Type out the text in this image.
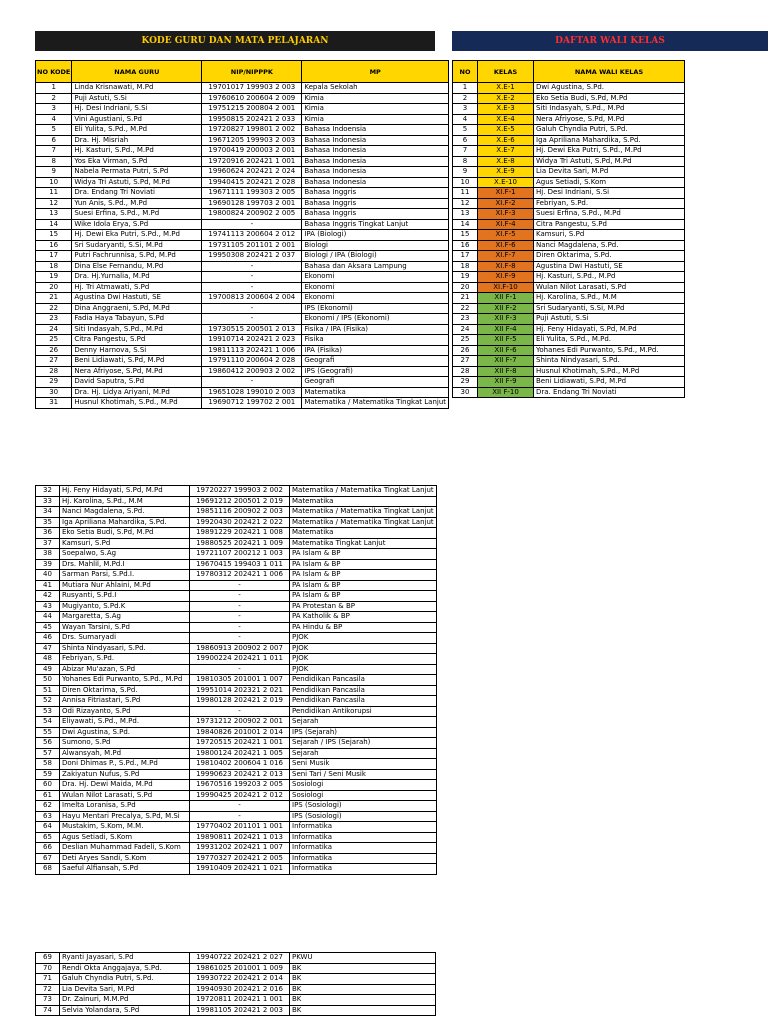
KODE GURU DAN MATA PELAJARAN	DAFTAR WALI KELAS
NO KODE	NAMA GURU	NIP/NIPPPK	MP
1	Linda Krisnawati, M.Pd	19701017 199903 2 003	Kepala Sekolah
2	Puji Astuti, S.Si	19760610 200604 2 009	Kimia
3	Hj. Desi Indriani, S.Si	19751215 200804 2 001	Kimia
4	Vini Agustiani, S.Pd	19950815 202421 2 033	Kimia
5	Eli Yulita, S.Pd., M.Pd	19720827 199801 2 002	Bahasa Indoensia
6	Dra. Hj. Misriah	19671205 199903 2 003	Bahasa Indonesia
7	Hj. Kasturi, S.Pd., M.Pd	19700419 200003 2 001	Bahasa Indonesia
8	Yos Eka Virman, S.Pd	19720916 202421 1 001	Bahasa Indonesia
9	Nabela Permata Putri, S.Pd	19960624 202421 2 024	Bahasa Indonesia
10	Widya Tri Astuti, S.Pd, M.Pd	19940415 202421 2 028	Bahasa Indonesia
11	Dra. Endang Tri Noviati	19671111 199303 2 005	Bahasa Inggris
12	Yun Anis, S.Pd., M.Pd	19690128 199703 2 001	Bahasa Inggris
13	Suesi Erfina, S.Pd., M.Pd	19800824 200902 2 005	Bahasa Inggris
14	Wike Idola Erya, S.Pd	-	Bahasa Inggris Tingkat Lanjut
15	Hj. Dewi Eka Putri, S.Pd., M.Pd	19741113 200604 2 012	IPA (Biologi)
16	Sri Sudaryanti, S.Si, M.Pd	19731105 201101 2 001	Biologi
17	Putri Fachrunnisa, S.Pd, M.Pd	19950308 202421 2 037	Biologi / IPA (Biologi)
18	Dina Else Fernandu, M.Pd	-	Bahasa dan Aksara Lampung
19	Dra. Hj.Yurnalia, M.Pd	-	Ekonomi
20	Hj. Tri Atmawati, S.Pd	-	Ekonomi
21	Agustina Dwi Hastuti, SE	19700813 200604 2 004	Ekonomi
22	Dina Anggraeni, S.Pd, M.Pd	-	IPS (Ekonomi)
23	Fadia Haya Tabayun, S.Pd	-	Ekonomi / IPS (Ekonomi)
24	Siti Indasyah, S.Pd., M.Pd	19730515 200501 2 013	Fisika / IPA (Fisika)
25	Citra Pangestu, S.Pd	19910714 202421 2 023	Fisika
26	Denny Harnova, S.Si	19811113 202421 1 006	IPA (Fisika)
27	Beni Lidiawati, S.Pd, M.Pd	19791110 200604 2 028	Geografi
28	Nera Afriyose, S.Pd, M.Pd	19860412 200903 2 002	IPS (Geografi)
29	David Saputra, S.Pd	-	Geografi
30	Dra. Hj. Lidya Ariyani, M.Pd	19651028 199010 2 003	Matematika
31	Husnul Khotimah, S.Pd., M.Pd	19690712 199702 2 001	Matematika / Matematika Tingkat Lanjut
32	Hj. Feny Hidayati, S.Pd, M.Pd	19720227 199903 2 002	Matematika / Matematika Tingkat Lanjut
33	Hj. Karolina, S.Pd., M.M	19691212 200501 2 019	Matematika
34	Nanci Magdalena, S.Pd.	19851116 200902 2 003	Matematika / Matematika Tingkat Lanjut
35	Iga Apriliana Mahardika, S.Pd.	19920430 202421 2 022	Matematika / Matematika Tingkat Lanjut
36	Eko Setia Budi, S.Pd, M.Pd	19891229 202421 1 008	Matematika
37	Kamsuri, S.Pd	19880525 202421 1 009	Matematika Tingkat Lanjut
38	Soepalwo, S.Ag	19721107 200212 1 003	PA Islam & BP
39	Drs. Mahlil, M.Pd.I	19670415 199403 1 011	PA Islam & BP
40	Sarman Parsi, S.Pd.I.	19780312 202421 1 006	PA Islam & BP
41	Mutiara Nur Ahlaini, M.Pd	-	PA Islam & BP
42	Rusyanti, S.Pd.I	-	PA Islam & BP
43	Mugiyanto, S.Pd.K	-	PA Protestan & BP
44	Margaretta, S.Ag	-	PA Katholik & BP
45	Wayan Tarsini, S.Pd	-	PA Hindu & BP
46	Drs. Sumaryadi	-	PJOK
47	Shinta Nindyasari, S.Pd.	19860913 200902 2 007	PJOK
48	Febriyan, S.Pd.	19900224 202421 1 011	PJOK
49	Abizar Mu'azan, S.Pd	-	PJOK
50	Yohanes Edi Purwanto, S.Pd., M.Pd	19810305 201001 1 007	Pendidikan Pancasila
51	Diren Oktarima, S.Pd.	19951014 202321 2 021	Pendidikan Pancasila
52	Annisa Fitriastari, S.Pd	19980128 202421 2 019	Pendidikan Pancasila
53	Odi Rizayanto, S.Pd	-	Pendidikan Antikorupsi
54	Eliyawati, S.Pd., M.Pd.	19731212 200902 2 001	Sejarah
55	Dwi Agustina, S.Pd.	19840826 201001 2 014	IPS (Sejarah)
56	Sumono, S.Pd	19720515 202421 1 001	Sejarah / IPS (Sejarah)
57	Alwansyah, M.Pd	19800124 202421 1 005	Sejarah
58	Doni Dhimas P., S.Pd., M.Pd	19810402 200604 1 016	Seni Musik
59	Zakiyatun Nufus, S.Pd	19990623 202421 2 013	Seni Tari / Seni Musik
60	Dra. Hj. Dewi Maida, M.Pd	19670516 199203 2 005	Sosiologi
61	Wulan Nilot Larasati, S.Pd	19990425 202421 2 012	Sosiologi
62	Imelta Loranisa, S.Pd	-	IPS (Sosiologi)
63	Hayu Mentari Precalya, S.Pd, M.Si	-	IPS (Sosiologi)
64	Mustakim, S.Kom, M.M.	19770402 201101 1 001	Informatika
65	Agus Setiadi, S.Kom	19890811 202421 1 013	Informatika
66	Deslian Muhammad Fadeli, S.Kom	19931202 202421 1 007	Informatika
67	Deti Aryes Sandi, S.Kom	19770327 202421 2 005	Informatika
68	Saeful Alfiansah, S.Pd	19910409 202421 1 021	Informatika
69	Ryanti Jayasari, S.Pd	19940722 202421 2 027	PKWU
70	Rendi Okta Anggajaya, S.Pd.	19861025 201001 1 009	BK
71	Galuh Chyndia Putri, S.Pd.	19930722 202421 2 014	BK
72	Lia Devita Sari, M.Pd	19940930 202421 2 016	BK
73	Dr. Zainuri, M.M.Pd	19720811 202421 1 001	BK
74	Selvia Yolandara, S.Pd	19981105 202421 2 003	BK
NO	KELAS	NAMA WALI KELAS
1	X.E-1	Dwi Agustina, S.Pd.
2	X.E-2	Eko Setia Budi, S.Pd, M.Pd
3	X.E-3	Siti Indasyah, S.Pd., M.Pd
4	X.E-4	Nera Afriyose, S.Pd, M.Pd
5	X.E-5	Galuh Chyndia Putri, S.Pd.
6	X.E-6	Iga Apriliana Mahardika, S.Pd.
7	X.E-7	Hj. Dewi Eka Putri, S.Pd., M.Pd
8	X.E-8	Widya Tri Astuti, S.Pd, M.Pd
9	X.E-9	Lia Devita Sari, M.Pd
10	X.E-10	Agus Setiadi, S.Kom
11	XI.F-1	Hj. Desi Indriani, S.Si
12	XI.F-2	Febriyan, S.Pd.
13	XI.F-3	Suesi Erfina, S.Pd., M.Pd
14	XI.F-4	Citra Pangestu, S.Pd
15	XI.F-5	Kamsuri, S.Pd
16	XI.F-6	Nanci Magdalena, S.Pd.
17	XI.F-7	Diren Oktarima, S.Pd.
18	XI.F-8	Agustina Dwi Hastuti, SE
19	XI.F-9	Hj. Kasturi, S.Pd., M.Pd
20	XI.F-10	Wulan Nilot Larasati, S.Pd
21	XII F-1	Hj. Karolina, S.Pd., M.M
22	XII F-2	Sri Sudaryanti, S.Si, M.Pd
23	XII F-3	Puji Astuti, S.Si
24	XII F-4	Hj. Feny Hidayati, S.Pd, M.Pd
25	XII F-5	Eli Yulita, S.Pd., M.Pd.
26	XII F-6	Yohanes Edi Purwanto, S.Pd., M.Pd.
27	XII F-7	Shinta Nindyasari, S.Pd.
28	XII F-8	Husnul Khotimah, S.Pd., M.Pd
29	XII F-9	Beni Lidiawati, S.Pd, M.Pd
30	XII F-10	Dra. Endang Tri Noviati
